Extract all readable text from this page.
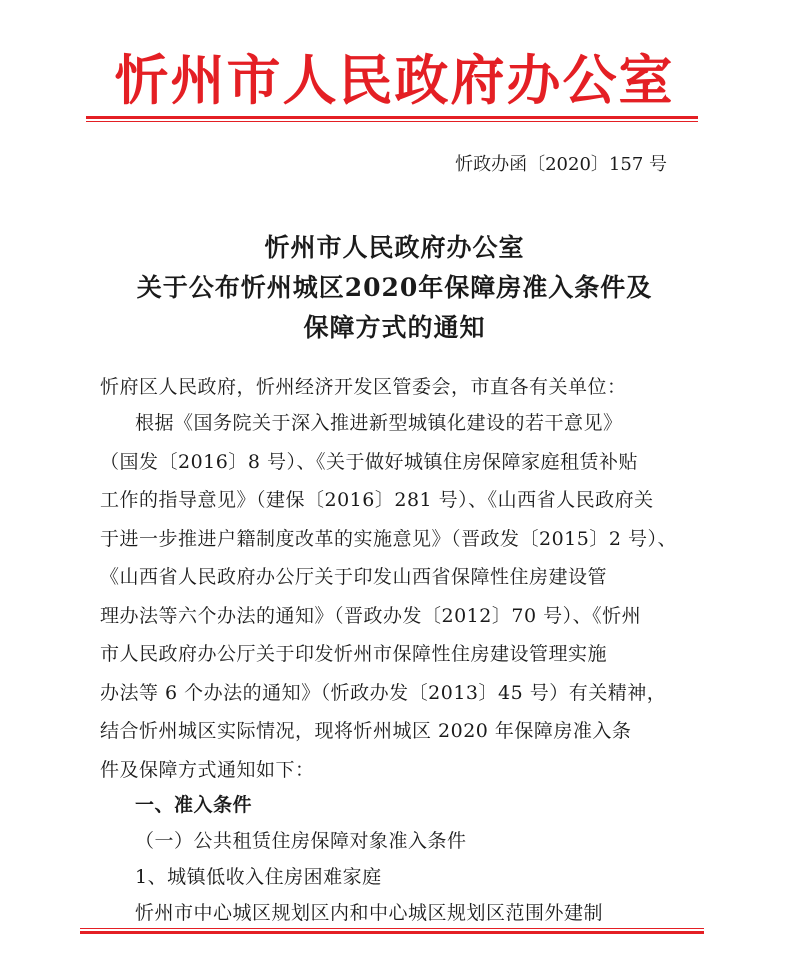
忻州市人民政府办公室
忻政办函〔2020〕157 号
忻州市人民政府办公室
关于公布忻州城区2020年保障房准入条件及
保障方式的通知
忻府区人民政府，忻州经济开发区管委会，市直各有关单位：
根据《国务院关于深入推进新型城镇化建设的若干意见》
（国发〔2016〕8 号）、《关于做好城镇住房保障家庭租赁补贴
工作的指导意见》（建保〔2016〕281 号）、《山西省人民政府关
于进一步推进户籍制度改革的实施意见》（晋政发〔2015〕2 号）、
《山西省人民政府办公厅关于印发山西省保障性住房建设管
理办法等六个办法的通知》（晋政办发〔2012〕70 号）、《忻州
市人民政府办公厅关于印发忻州市保障性住房建设管理实施
办法等 6 个办法的通知》（忻政办发〔2013〕45 号）有关精神，
结合忻州城区实际情况，现将忻州城区 2020 年保障房准入条
件及保障方式通知如下：
一、准入条件
（一）公共租赁住房保障对象准入条件
1、城镇低收入住房困难家庭
忻州市中心城区规划区内和中心城区规划区范围外建制
